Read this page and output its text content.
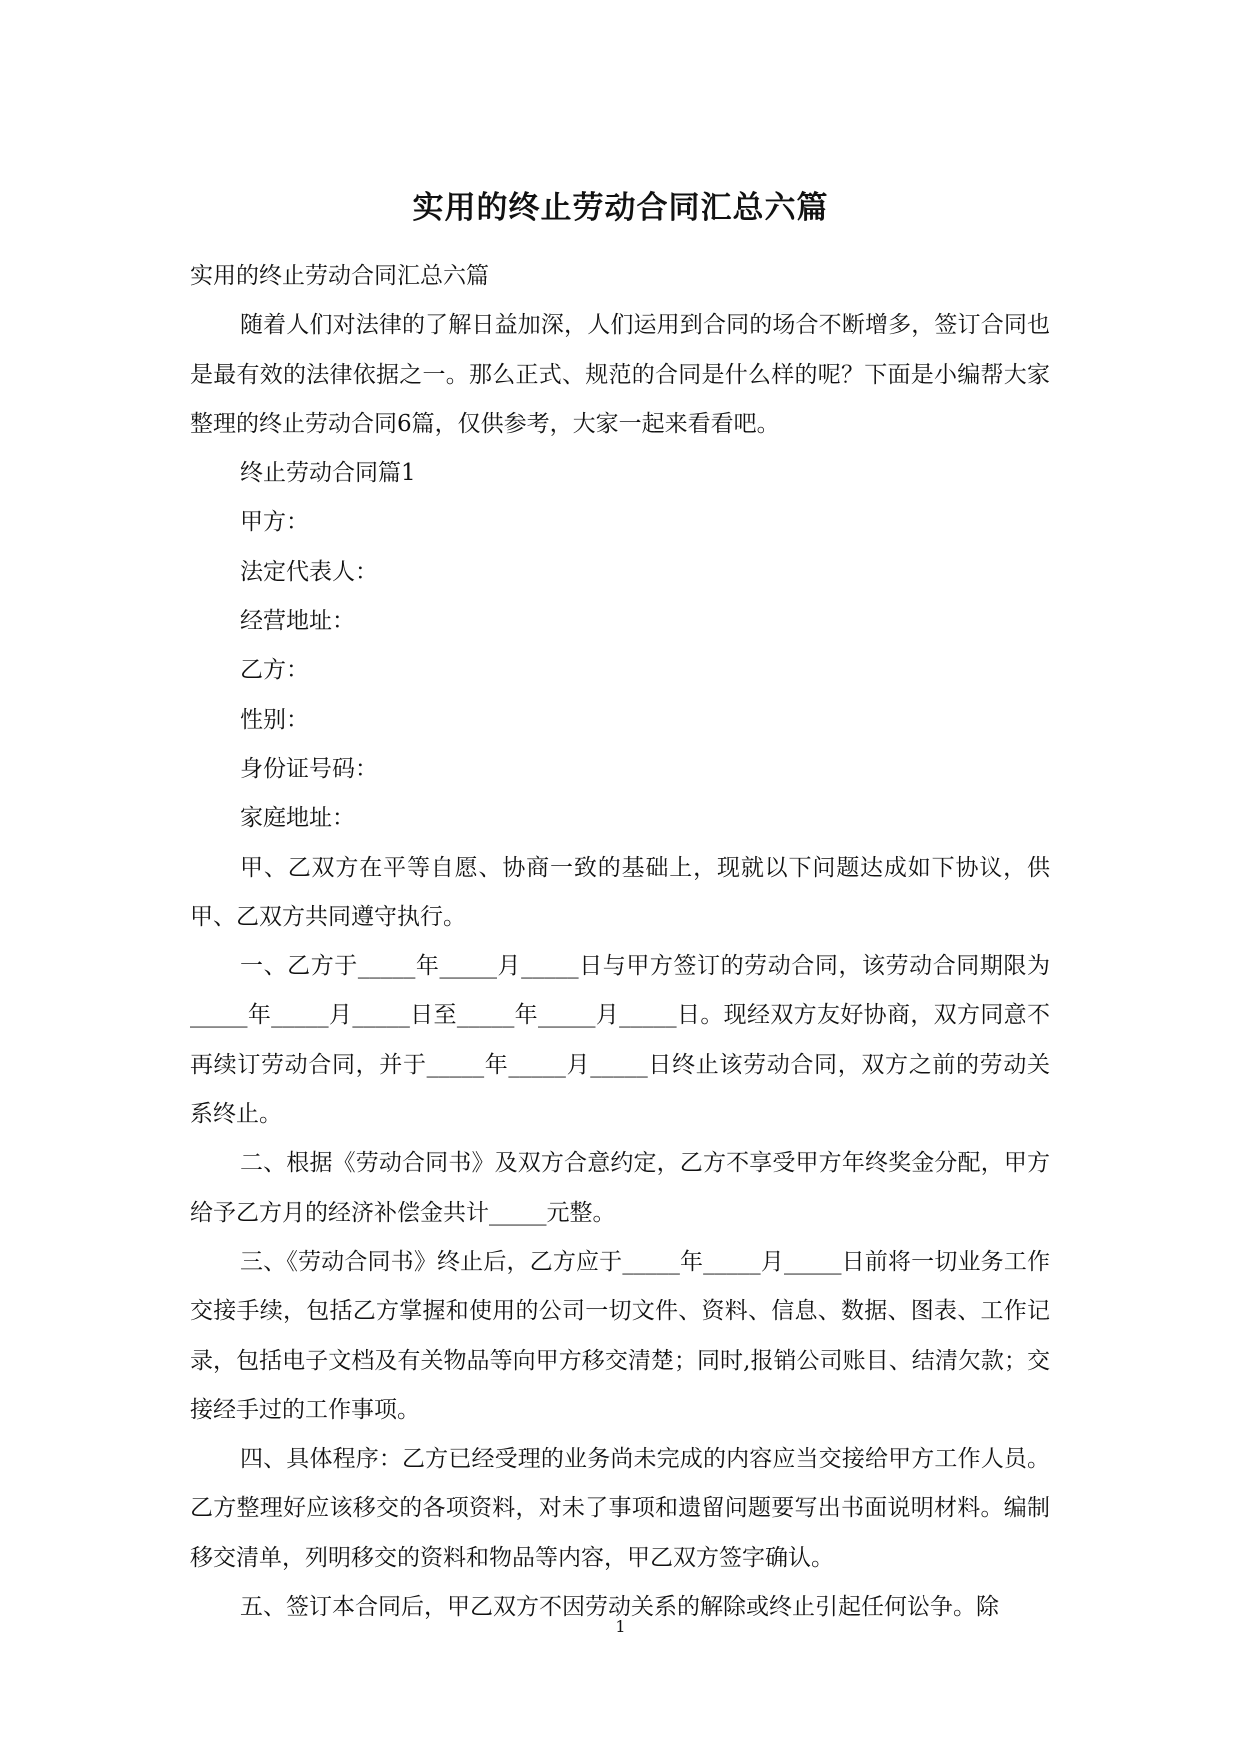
实用的终止劳动合同汇总六篇

实用的终止劳动合同汇总六篇

随着人们对法律的了解日益加深，人们运用到合同的场合不断增多，签订合同也是最有效的法律依据之一。那么正式、规范的合同是什么样的呢？下面是小编帮大家整理的终止劳动合同6篇，仅供参考，大家一起来看看吧。

终止劳动合同篇1

甲方：

法定代表人：

经营地址：

乙方：

性别：

身份证号码：

家庭地址：

甲、乙双方在平等自愿、协商一致的基础上，现就以下问题达成如下协议，供甲、乙双方共同遵守执行。

一、乙方于_____年_____月_____日与甲方签订的劳动合同，该劳动合同期限为_____年_____月_____日至_____年_____月_____日。现经双方友好协商，双方同意不再续订劳动合同，并于_____年_____月_____日终止该劳动合同，双方之前的劳动关系终止。

二、根据《劳动合同书》及双方合意约定，乙方不享受甲方年终奖金分配，甲方给予乙方月的经济补偿金共计_____元整。

三、《劳动合同书》终止后，乙方应于_____年_____月_____日前将一切业务工作交接手续，包括乙方掌握和使用的公司一切文件、资料、信息、数据、图表、工作记录，包括电子文档及有关物品等向甲方移交清楚；同时,报销公司账目、结清欠款；交接经手过的工作事项。

四、具体程序：乙方已经受理的业务尚未完成的内容应当交接给甲方工作人员。乙方整理好应该移交的各项资料，对未了事项和遗留问题要写出书面说明材料。编制移交清单，列明移交的资料和物品等内容，甲乙双方签字确认。

五、签订本合同后，甲乙双方不因劳动关系的解除或终止引起任何讼争。除

1
